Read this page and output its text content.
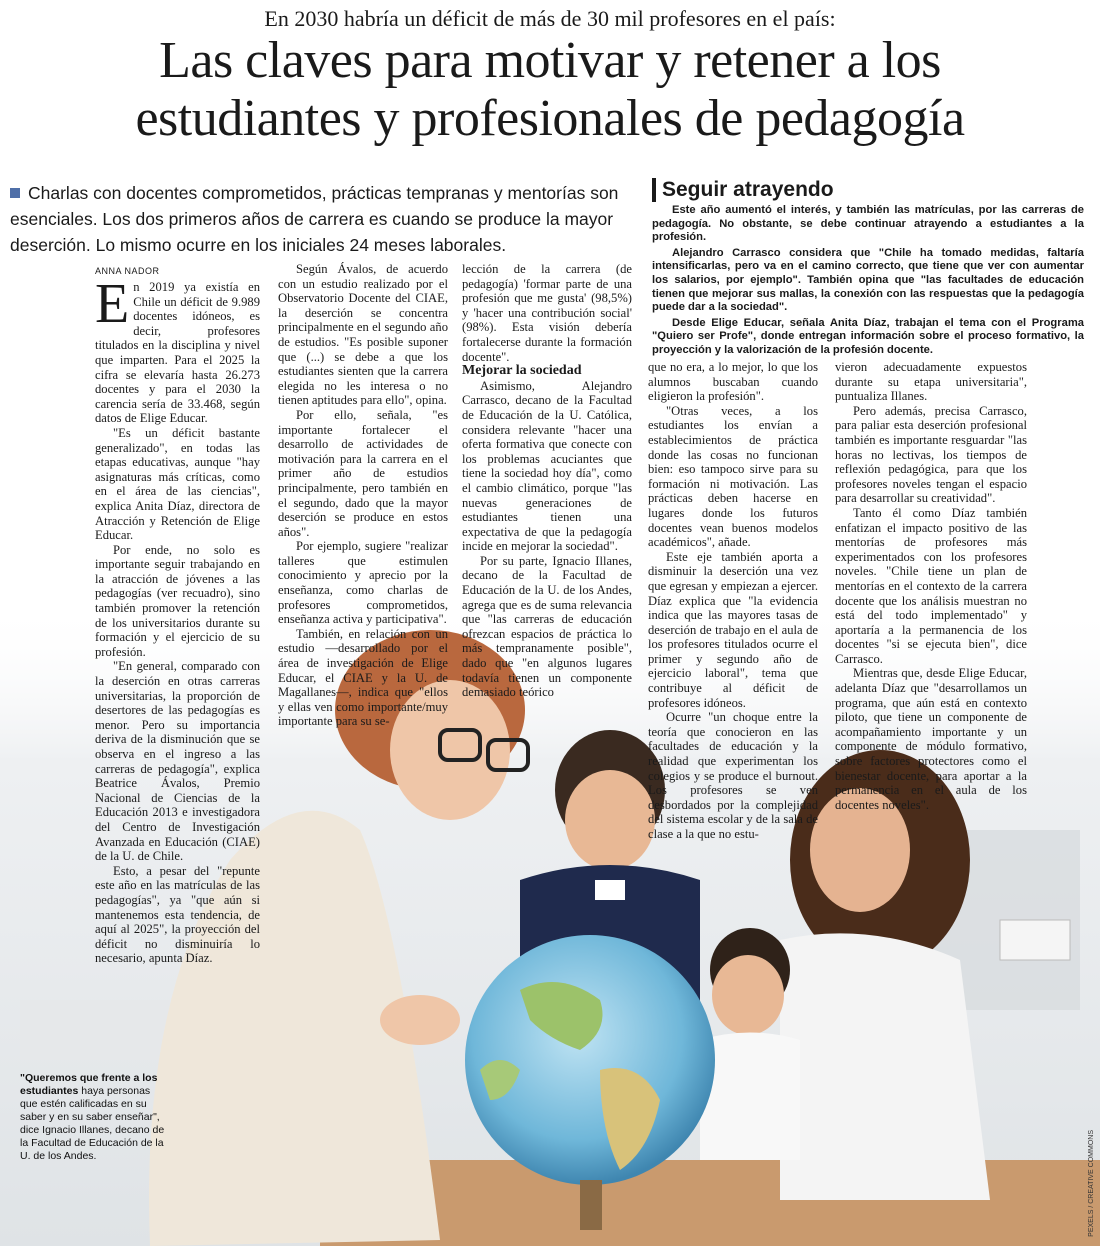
En 2030 habría un déficit de más de 30 mil profesores en el país:
Las claves para motivar y retener a los
estudiantes y profesionales de pedagogía
Charlas con docentes comprometidos, prácticas tempranas y mentorías son esenciales. Los dos primeros años de carrera es cuando se produce la mayor deserción. Lo mismo ocurre en los iniciales 24 meses laborales.
Seguir atrayendo

Este año aumentó el interés, y también las matrículas, por las carreras de pedagogía. No obstante, se debe continuar atrayendo a estudiantes a la profesión.

Alejandro Carrasco considera que "Chile ha tomado medidas, faltaría intensificarlas, pero va en el camino correcto, que tiene que ver con aumentar los salarios, por ejemplo". También opina que "las facultades de educación tienen que mejorar sus mallas, la conexión con las respuestas que la pedagogía puede dar a la sociedad".

Desde Elige Educar, señala Anita Díaz, trabajan el tema con el Programa "Quiero ser Profe", donde entregan información sobre el proceso formativo, la proyección y la valorización de la profesión docente.

ANNA NADOR

En 2019 ya existía en Chile un déficit de 9.989 docentes idóneos, es decir, profesores titulados en la disciplina y nivel que imparten. Para el 2025 la cifra se elevaría hasta 26.273 docentes y para el 2030 la carencia sería de 33.468, según datos de Elige Educar.

"Es un déficit bastante generalizado", en todas las etapas educativas, aunque "hay asignaturas más críticas, como en el área de las ciencias", explica Anita Díaz, directora de Atracción y Retención de Elige Educar.

Por ende, no solo es importante seguir trabajando en la atracción de jóvenes a las pedagogías (ver recuadro), sino también promover la retención de los universitarios durante su formación y el ejercicio de su profesión.

"En general, comparado con la deserción en otras carreras universitarias, la proporción de desertores de las pedagogías es menor. Pero su importancia deriva de la disminución que se observa en el ingreso a las carreras de pedagogía", explica Beatrice Ávalos, Premio Nacional de Ciencias de la Educación 2013 e investigadora del Centro de Investigación Avanzada en Educación (CIAE) de la U. de Chile.

Esto, a pesar del "repunte este año en las matrículas de las pedagogías", ya "que aún si mantenemos esta tendencia, de aquí al 2025", la proyección del déficit no disminuiría lo necesario, apunta Díaz.

Según Ávalos, de acuerdo con un estudio realizado por el Observatorio Docente del CIAE, la deserción se concentra principalmente en el segundo año de estudios. "Es posible suponer que (...) se debe a que los estudiantes sienten que la carrera elegida no les interesa o no tienen aptitudes para ello", opina.

Por ello, señala, "es importante fortalecer el desarrollo de actividades de motivación para la carrera en el primer año de estudios principalmente, pero también en el segundo, dado que la mayor deserción se produce en estos años".

Por ejemplo, sugiere "realizar talleres que estimulen conocimiento y aprecio por la enseñanza, como charlas de profesores comprometidos, enseñanza activa y participativa".

También, en relación con un estudio —desarrollado por el área de investigación de Elige Educar, el CIAE y la U. de Magallanes—, indica que "ellos y ellas ven como importante/muy importante para su se-

lección de la carrera (de pedagogía) 'formar parte de una profesión que me gusta' (98,5%) y 'hacer una contribución social' (98%). Esta visión debería fortalecerse durante la formación docente".

Mejorar la sociedad

Asimismo, Alejandro Carrasco, decano de la Facultad de Educación de la U. Católica, considera relevante "hacer una oferta formativa que conecte con los problemas acuciantes que tiene la sociedad hoy día", como el cambio climático, porque "las nuevas generaciones de estudiantes tienen una expectativa de que la pedagogía incide en mejorar la sociedad".

Por su parte, Ignacio Illanes, decano de la Facultad de Educación de la U. de los Andes, agrega que es de suma relevancia que "las carreras de educación ofrezcan espacios de práctica lo más tempranamente posible", dado que "en algunos lugares todavía tienen un componente demasiado teórico

que no era, a lo mejor, lo que los alumnos buscaban cuando eligieron la profesión".

"Otras veces, a los estudiantes los envían a establecimientos de práctica donde las cosas no funcionan bien: eso tampoco sirve para su formación ni motivación. Las prácticas deben hacerse en lugares donde los futuros docentes vean buenos modelos académicos", añade.

Este eje también aporta a disminuir la deserción una vez que egresan y empiezan a ejercer. Díaz explica que "la evidencia indica que las mayores tasas de deserción de trabajo en el aula de los profesores titulados ocurre el primer y segundo año de ejercicio laboral", tema que contribuye al déficit de profesores idóneos.

Ocurre "un choque entre la teoría que conocieron en las facultades de educación y la realidad que experimentan los colegios y se produce el burnout. Los profesores se ven desbordados por la complejidad del sistema escolar y de la sala de clase a la que no estu-

vieron adecuadamente expuestos durante su etapa universitaria", puntualiza Illanes.

Pero además, precisa Carrasco, para paliar esta deserción profesional también es importante resguardar "las horas no lectivas, los tiempos de reflexión pedagógica, para que los profesores noveles tengan el espacio para desarrollar su creatividad".

Tanto él como Díaz también enfatizan el impacto positivo de las mentorías de profesores más experimentados con los profesores noveles. "Chile tiene un plan de mentorías en el contexto de la carrera docente que los análisis muestran no está del todo implementado" y aportaría a la permanencia de los docentes "si se ejecuta bien", dice Carrasco.

Mientras que, desde Elige Educar, adelanta Díaz que "desarrollamos un programa, que aún está en contexto piloto, que tiene un componente de acompañamiento importante y un componente de módulo formativo, sobre factores protectores como el bienestar docente, para aportar a la permanencia en el aula de los docentes noveles".

"Queremos que frente a los estudiantes haya personas que estén calificadas en su saber y en su saber enseñar", dice Ignacio Illanes, decano de la Facultad de Educación de la U. de los Andes.	PEXELS / CREATIVE COMMONS
